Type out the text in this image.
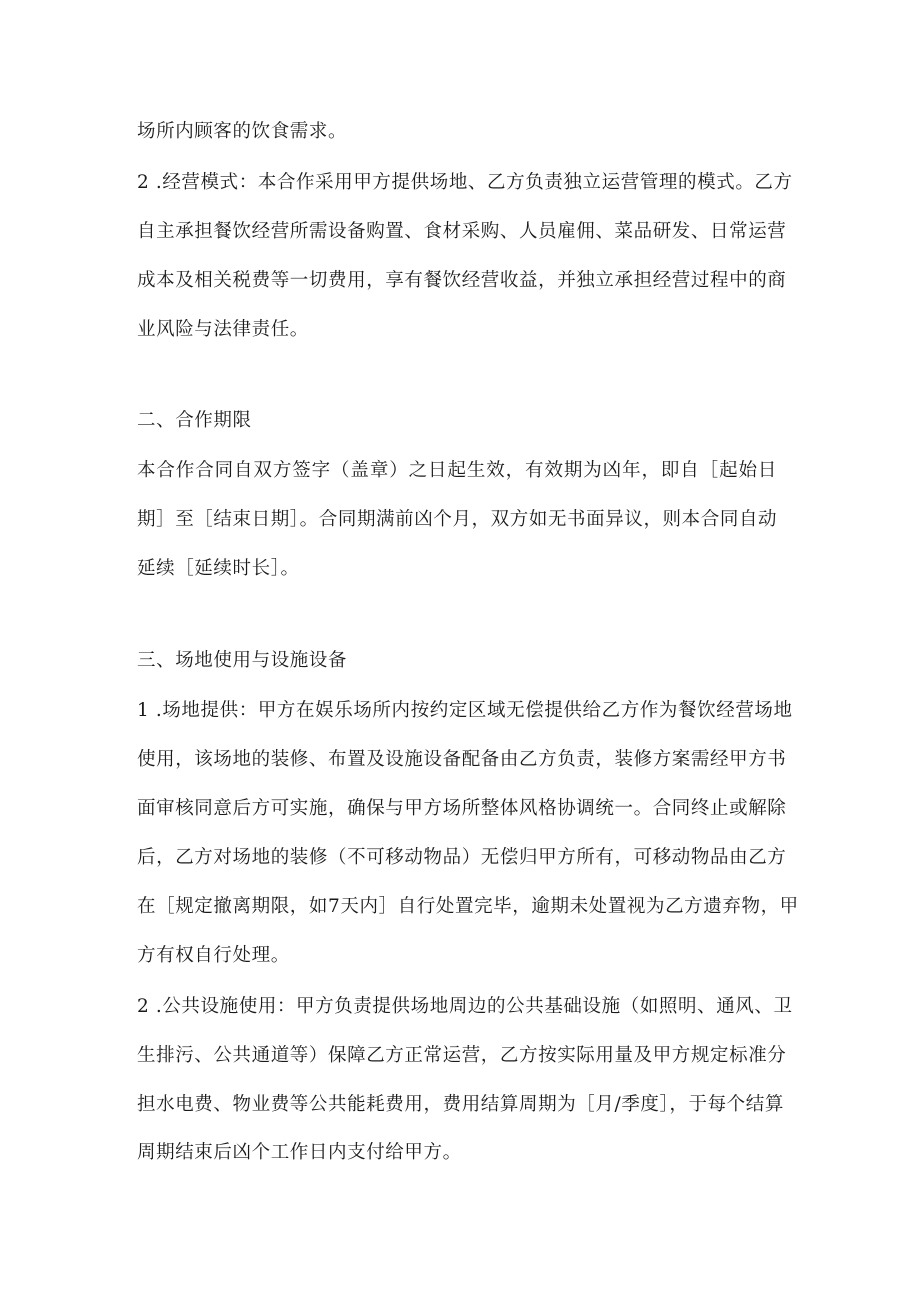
场所内顾客的饮食需求。
2 .经营模式：本合作采用甲方提供场地、乙方负责独立运营管理的模式。乙方
自主承担餐饮经营所需设备购置、食材采购、人员雇佣、菜品研发、日常运营
成本及相关税费等一切费用，享有餐饮经营收益，并独立承担经营过程中的商
业风险与法律责任。
二、合作期限
本合作合同自双方签字（盖章）之日起生效，有效期为凶年，即自［起始日
期］至［结束日期］。合同期满前凶个月，双方如无书面异议，则本合同自动
延续［延续时长］。
三、场地使用与设施设备
1 .场地提供：甲方在娱乐场所内按约定区域无偿提供给乙方作为餐饮经营场地
使用，该场地的装修、布置及设施设备配备由乙方负责，装修方案需经甲方书
面审核同意后方可实施，确保与甲方场所整体风格协调统一。合同终止或解除
后，乙方对场地的装修（不可移动物品）无偿归甲方所有，可移动物品由乙方
在［规定撤离期限，如7天内］自行处置完毕，逾期未处置视为乙方遗弃物，甲
方有权自行处理。
2 .公共设施使用：甲方负责提供场地周边的公共基础设施（如照明、通风、卫
生排污、公共通道等）保障乙方正常运营，乙方按实际用量及甲方规定标准分
担水电费、物业费等公共能耗费用，费用结算周期为［月/季度］，于每个结算
周期结束后凶个工作日内支付给甲方。
